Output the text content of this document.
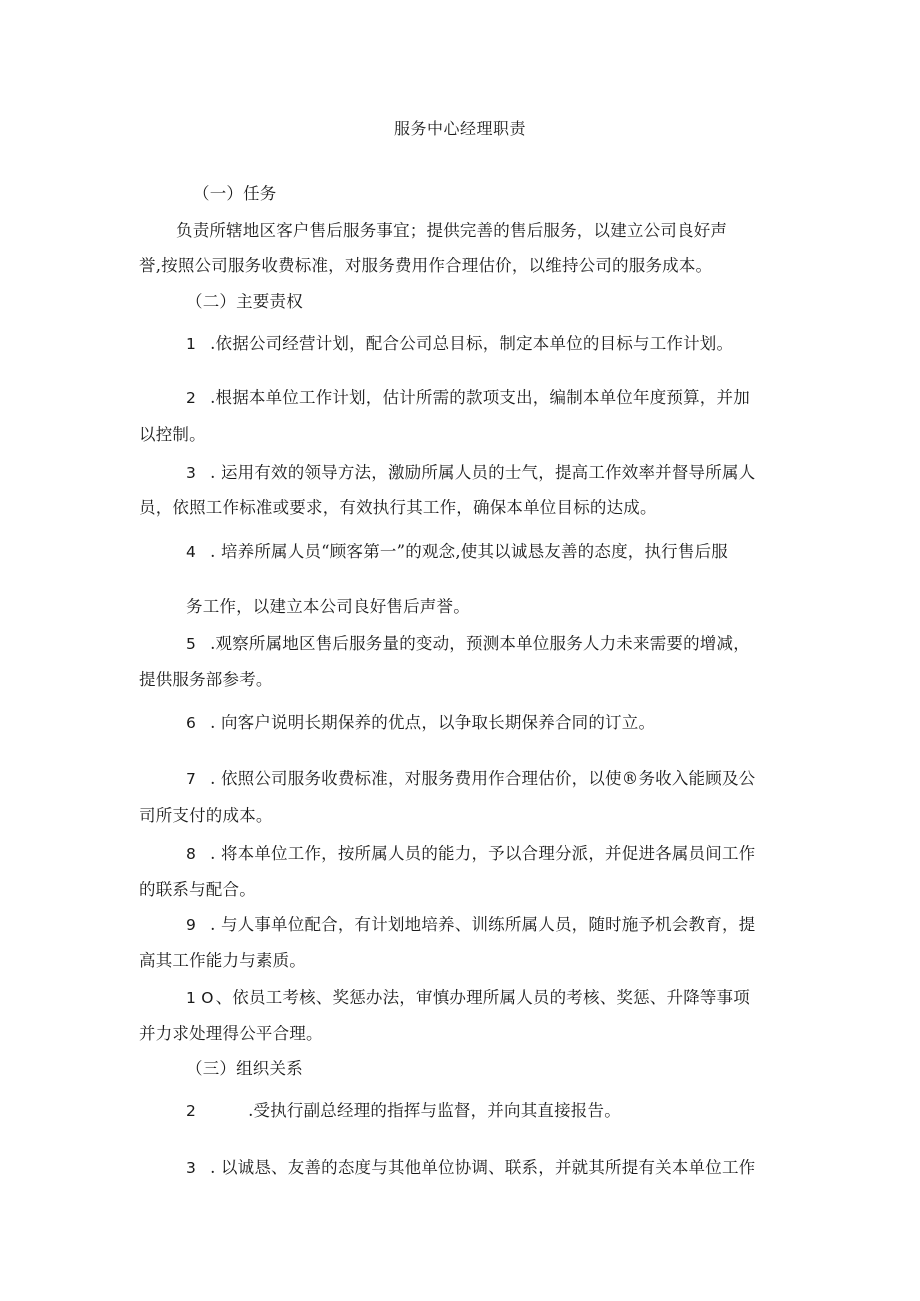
服务中心经理职责
（一）任务
负责所辖地区客户售后服务事宜；提供完善的售后服务，以建立公司良好声
誉,按照公司服务收费标准，对服务费用作合理估价，以维持公司的服务成本。
（二）主要责权
1 .依据公司经营计划，配合公司总目标，制定本单位的目标与工作计划。
2 .根据本单位工作计划，估计所需的款项支出，编制本单位年度预算，并加
以控制。
3 . 运用有效的领导方法，激励所属人员的士气，提高工作效率并督导所属人
员，依照工作标准或要求，有效执行其工作，确保本单位目标的达成。
4 . 培养所属人员“顾客第一”的观念,使其以诚恳友善的态度，执行售后服
务工作，以建立本公司良好售后声誉。
5 .观察所属地区售后服务量的变动，预测本单位服务人力未来需要的增减，
提供服务部参考。
6 . 向客户说明长期保养的优点，以争取长期保养合同的订立。
7 . 依照公司服务收费标准，对服务费用作合理估价，以使®务收入能顾及公
司所支付的成本。
8 . 将本单位工作，按所属人员的能力，予以合理分派，并促进各属员间工作
的联系与配合。
9 . 与人事单位配合，有计划地培养、训练所属人员，随时施予机会教育，提
高其工作能力与素质。
1 O 、依员工考核、奖惩办法，审慎办理所属人员的考核、奖惩、升降等事项
并力求处理得公平合理。
（三）组织关系
2	.受执行副总经理的指挥与监督，并向其直接报告。
3 . 以诚恳、友善的态度与其他单位协调、联系，并就其所提有关本单位工作
